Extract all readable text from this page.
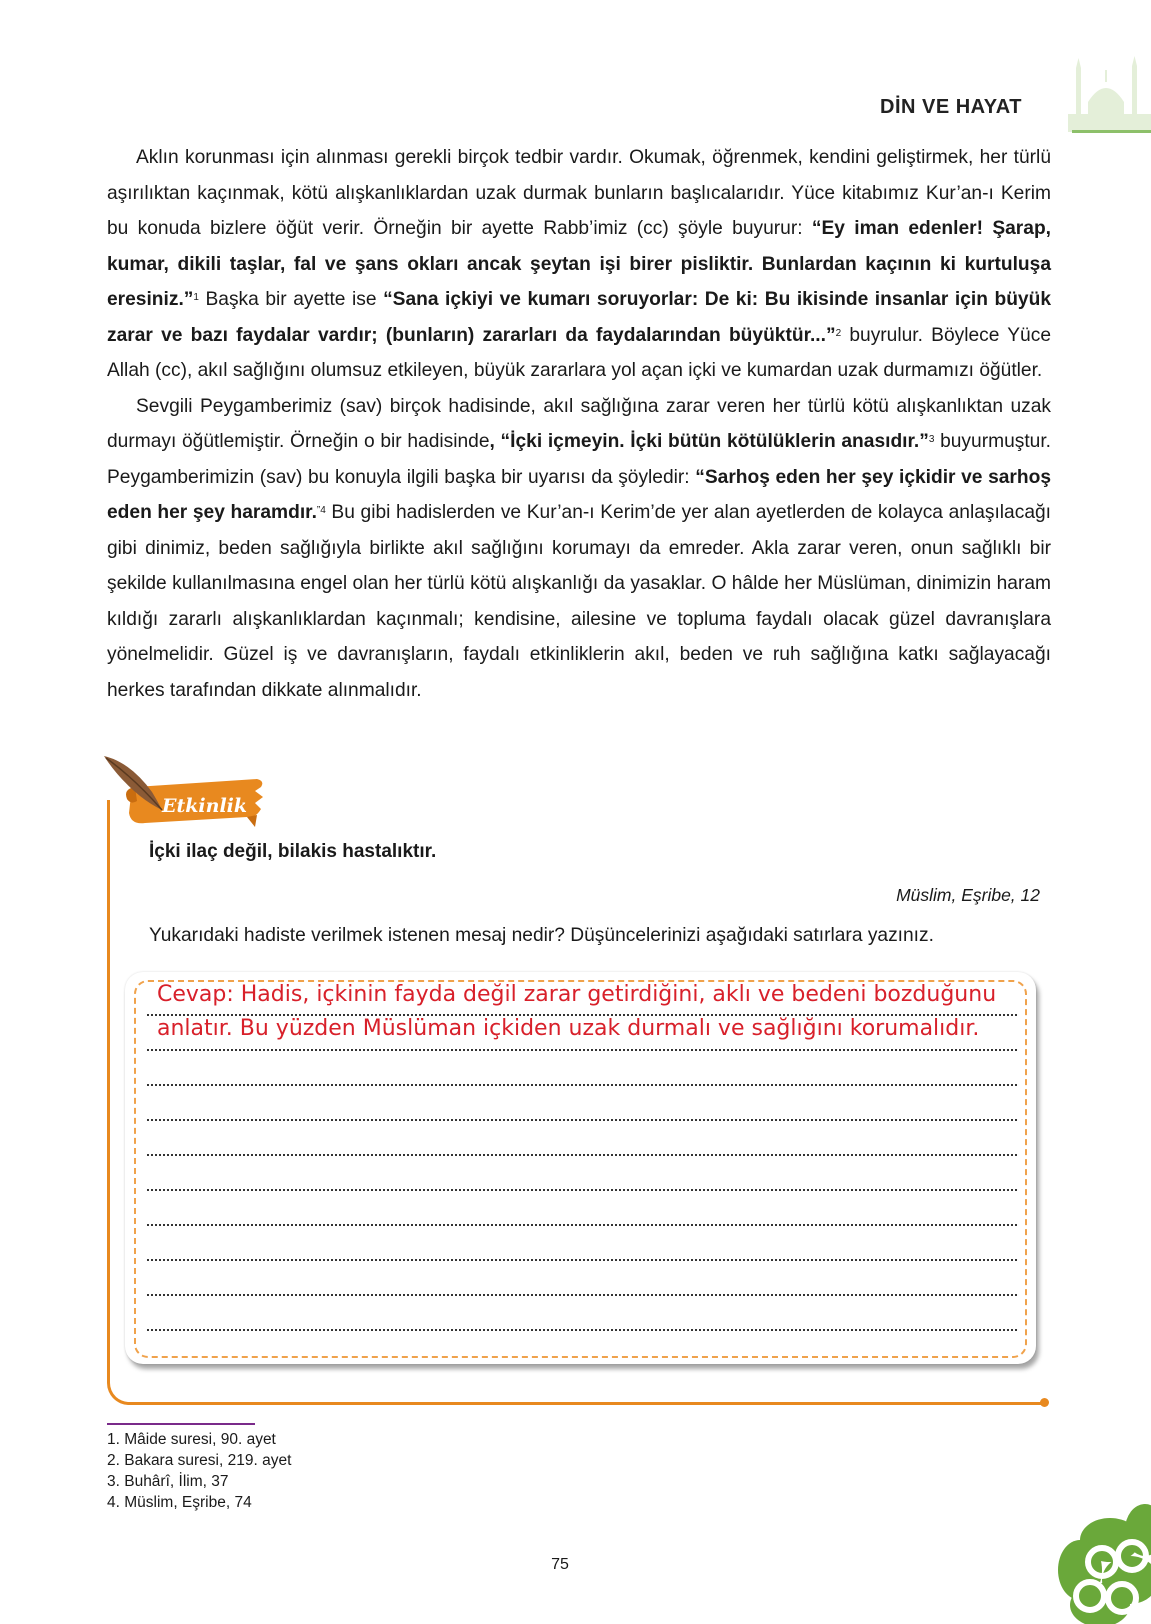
DİN VE HAYAT

Aklın korunması için alınması gerekli birçok tedbir vardır. Okumak, öğrenmek, kendini geliştirmek, her türlü aşırılıktan kaçınmak, kötü alışkanlıklardan uzak durmak bunların başlıcalarıdır. Yüce kitabımız Kur’an-ı Kerim bu konuda bizlere öğüt verir. Örneğin bir ayette Rabb’imiz (cc) şöyle buyurur: “Ey iman edenler! Şarap, kumar, dikili taşlar, fal ve şans okları ancak şeytan işi birer pisliktir. Bunlardan kaçının ki kurtuluşa eresiniz.”$^1$ Başka bir ayette ise “Sana içkiyi ve kumarı soruyorlar: De ki: Bu ikisinde insanlar için büyük zarar ve bazı faydalar vardır; (bunların) zararları da faydalarından büyüktür...”$^2$ buyrulur. Böylece Yüce Allah (cc), akıl sağlığını olumsuz etkileyen, büyük zararlara yol açan içki ve kumardan uzak durmamızı öğütler.

Sevgili Peygamberimiz (sav) birçok hadisinde, akıl sağlığına zarar veren her türlü kötü alışkanlıktan uzak durmayı öğütlemiştir. Örneğin o bir hadisinde, “İçki içmeyin. İçki bütün kötülüklerin anasıdır.”$^3$ buyurmuştur. Peygamberimizin (sav) bu konuyla ilgili başka bir uyarısı da şöyledir: “Sarhoş eden her şey içkidir ve sarhoş eden her şey haramdır.$^{”4}$ Bu gibi hadislerden ve Kur’an-ı Kerim’de yer alan ayetlerden de kolayca anlaşılacağı gibi dinimiz, beden sağlığıyla birlikte akıl sağlığını korumayı da emreder. Akla zarar veren, onun sağlıklı bir şekilde kullanılmasına engel olan her türlü kötü alışkanlığı da yasaklar. O hâlde her Müslüman, dinimizin haram kıldığı zararlı alışkanlıklardan kaçınmalı; kendisine, ailesine ve topluma faydalı olacak güzel davranışlara yönelmelidir. Güzel iş ve davranışların, faydalı etkinliklerin akıl, beden ve ruh sağlığına katkı sağlayacağı herkes tarafından dikkate alınmalıdır.

Etkinlik
İçki ilaç değil, bilakis hastalıktır.
Müslim, Eşribe, 12
Yukarıdaki hadiste verilmek istenen mesaj nedir? Düşüncelerinizi aşağıdaki satırlara yazınız.
Cevap: Hadis, içkinin fayda değil zarar getirdiğini, aklı ve bedeni bozduğunu anlatır. Bu yüzden Müslüman içkiden uzak durmalı ve sağlığını korumalıdır.
1. Mâide suresi, 90. ayet
2. Bakara suresi, 219. ayet
3. Buhârî, İlim, 37
4. Müslim, Eşribe, 74
75
